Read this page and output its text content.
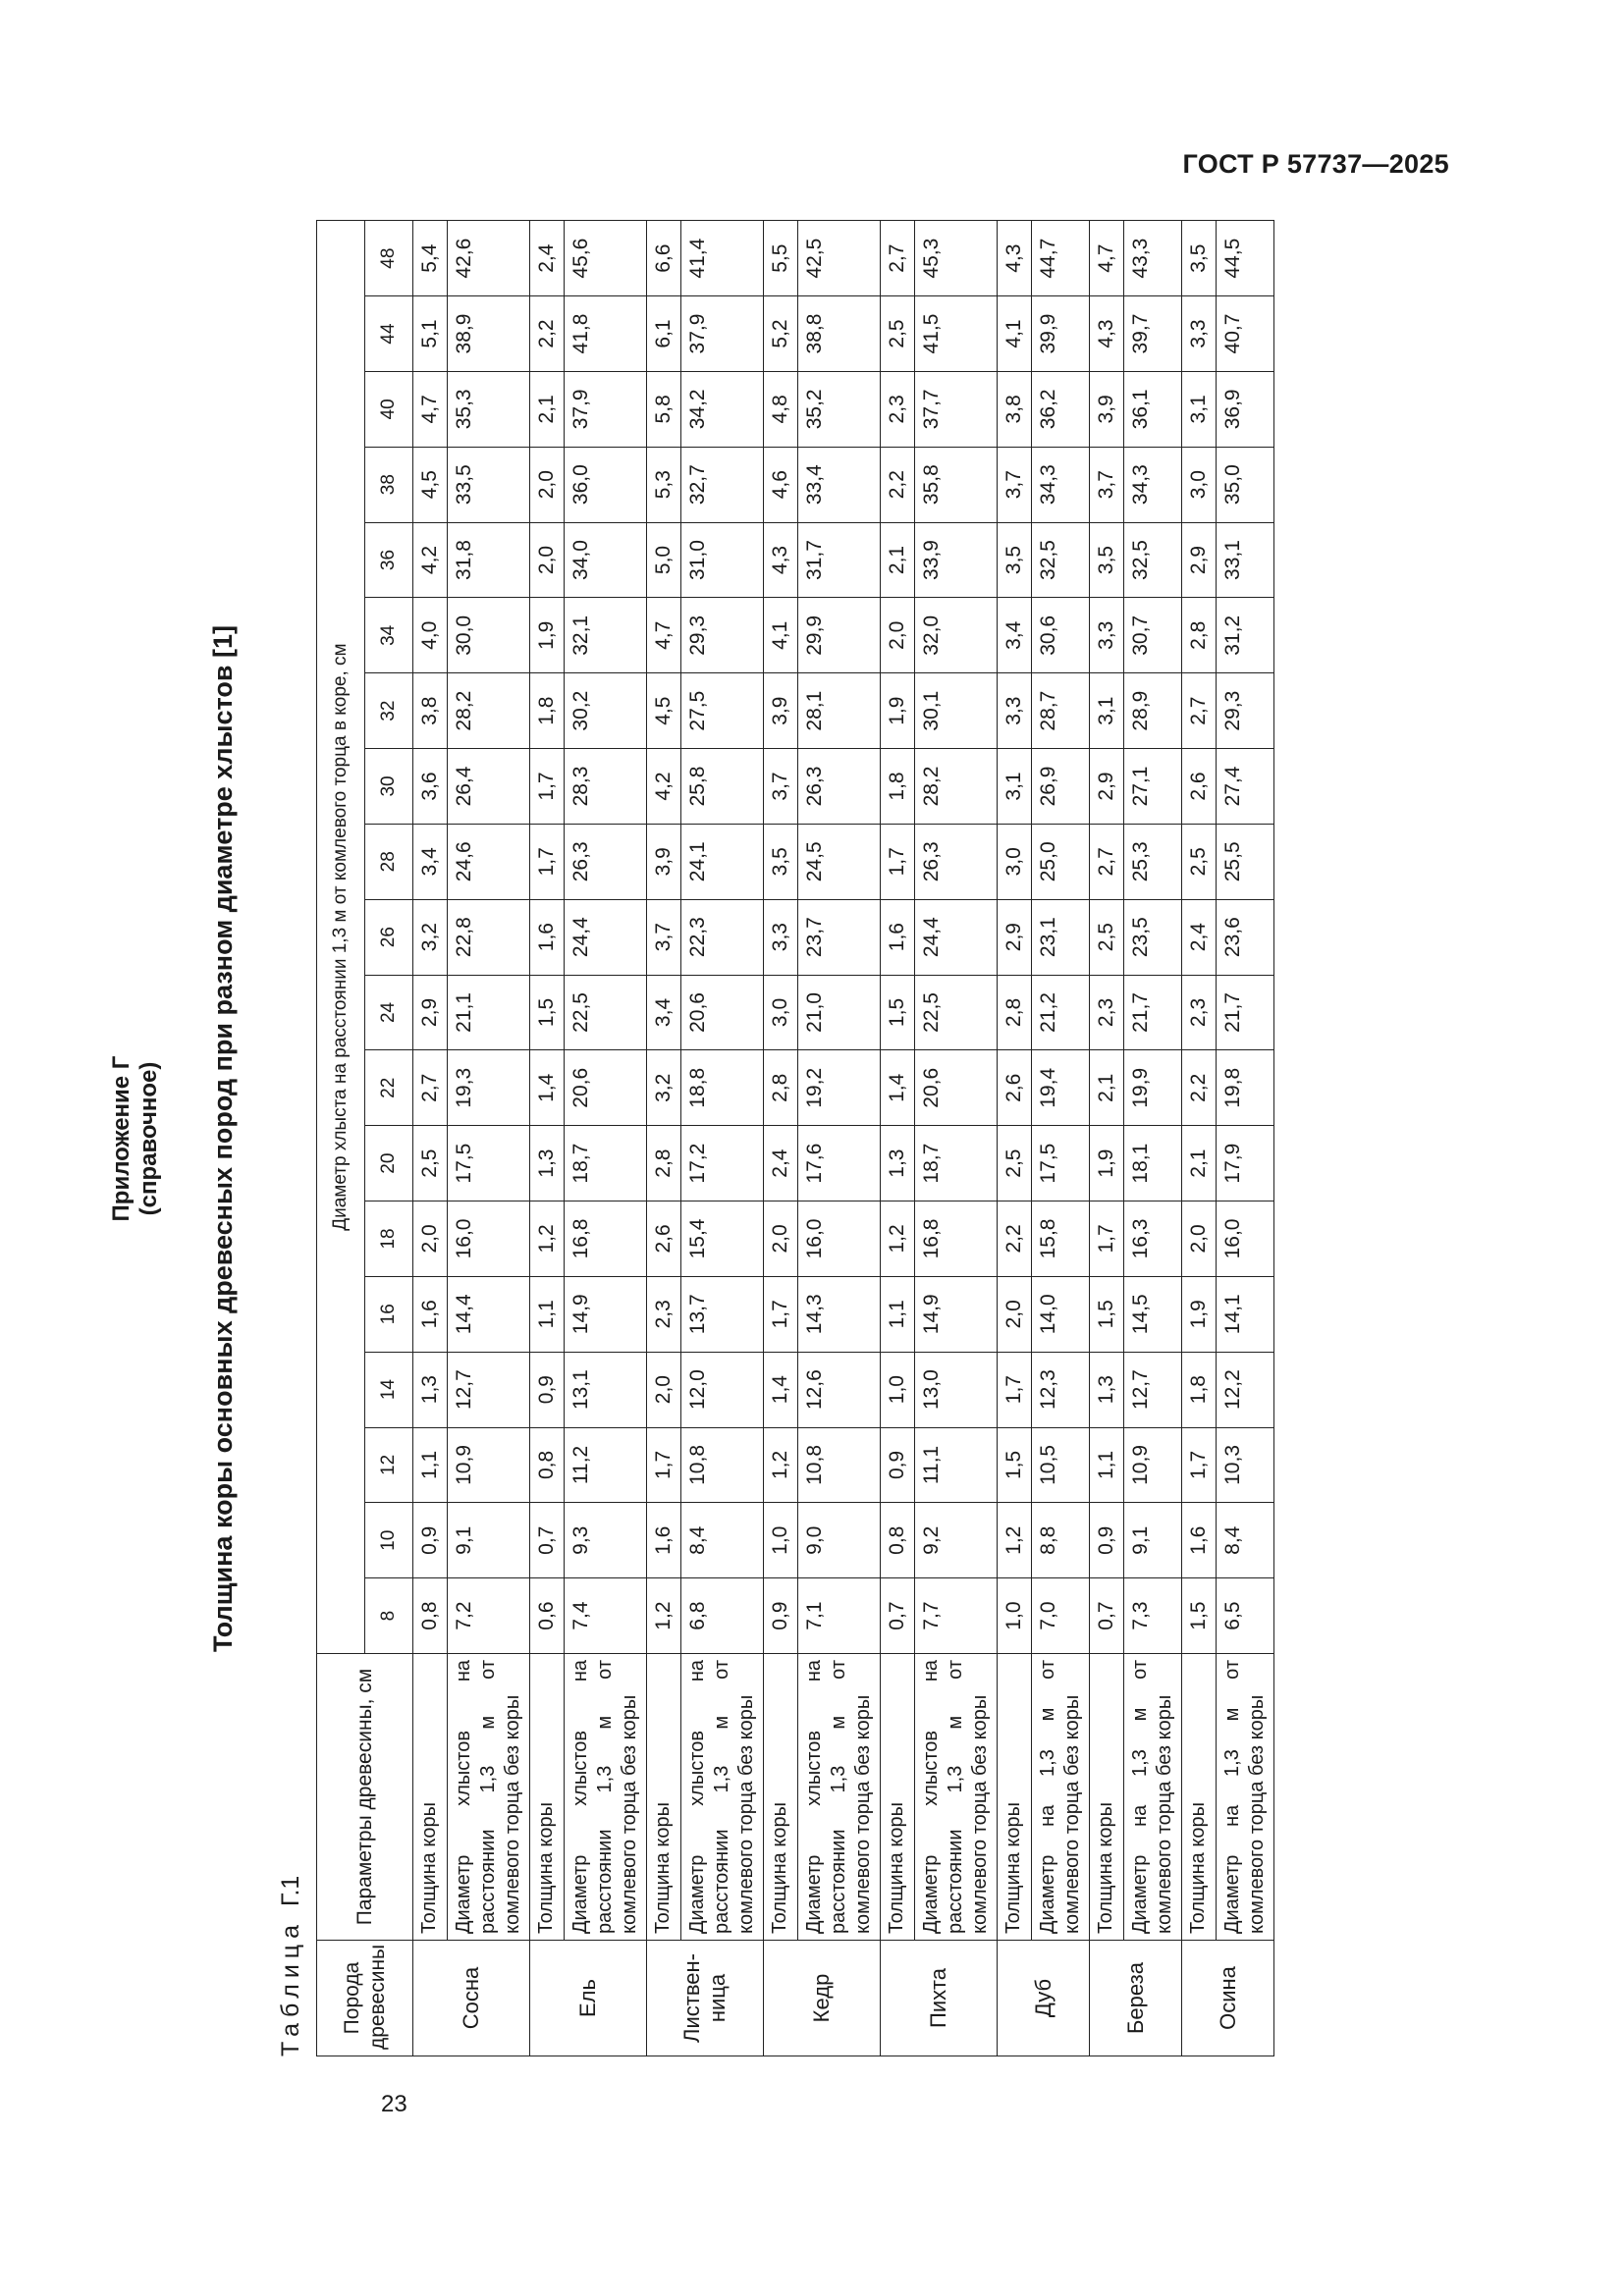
ГОСТ Р 57737—2025
Приложение Г (справочное) Толщина коры основных древесных пород при разном диаметре хлыстов [1]
Таблица Г.1
Порода древесины	Параметры древесины, см	Диаметр хлыста на расстоянии 1,3 м от комлевого торца в коре, см																		
		8	10	12	14	16	18	20	22	24	26	28	30	32	34	36	38	40	44	48
Сосна	Толщина коры	0,8	0,9	1,1	1,3	1,6	2,0	2,5	2,7	2,9	3,2	3,4	3,6	3,8	4,0	4,2	4,5	4,7	5,1	5,4
	Диаметр хлыстов на расстоянии 1,3 м от комлевого торца без коры	7,2	9,1	10,9	12,7	14,4	16,0	17,5	19,3	21,1	22,8	24,6	26,4	28,2	30,0	31,8	33,5	35,3	38,9	42,6
Ель	Толщина коры	0,6	0,7	0,8	0,9	1,1	1,2	1,3	1,4	1,5	1,6	1,7	1,7	1,8	1,9	2,0	2,0	2,1	2,2	2,4
	Диаметр хлыстов на расстоянии 1,3 м от комлевого торца без коры	7,4	9,3	11,2	13,1	14,9	16,8	18,7	20,6	22,5	24,4	26,3	28,3	30,2	32,1	34,0	36,0	37,9	41,8	45,6
Листвен-ница	Толщина коры	1,2	1,6	1,7	2,0	2,3	2,6	2,8	3,2	3,4	3,7	3,9	4,2	4,5	4,7	5,0	5,3	5,8	6,1	6,6
	Диаметр хлыстов на расстоянии 1,3 м от комлевого торца без коры	6,8	8,4	10,8	12,0	13,7	15,4	17,2	18,8	20,6	22,3	24,1	25,8	27,5	29,3	31,0	32,7	34,2	37,9	41,4
Кедр	Толщина коры	0,9	1,0	1,2	1,4	1,7	2,0	2,4	2,8	3,0	3,3	3,5	3,7	3,9	4,1	4,3	4,6	4,8	5,2	5,5
	Диаметр хлыстов на расстоянии 1,3 м от комлевого торца без коры	7,1	9,0	10,8	12,6	14,3	16,0	17,6	19,2	21,0	23,7	24,5	26,3	28,1	29,9	31,7	33,4	35,2	38,8	42,5
Пихта	Толщина коры	0,7	0,8	0,9	1,0	1,1	1,2	1,3	1,4	1,5	1,6	1,7	1,8	1,9	2,0	2,1	2,2	2,3	2,5	2,7
	Диаметр хлыстов на расстоянии 1,3 м от комлевого торца без коры	7,7	9,2	11,1	13,0	14,9	16,8	18,7	20,6	22,5	24,4	26,3	28,2	30,1	32,0	33,9	35,8	37,7	41,5	45,3
Дуб	Толщина коры	1,0	1,2	1,5	1,7	2,0	2,2	2,5	2,6	2,8	2,9	3,0	3,1	3,3	3,4	3,5	3,7	3,8	4,1	4,3
	Диаметр на 1,3 м от комлевого торца без коры	7,0	8,8	10,5	12,3	14,0	15,8	17,5	19,4	21,2	23,1	25,0	26,9	28,7	30,6	32,5	34,3	36,2	39,9	44,7
Береза	Толщина коры	0,7	0,9	1,1	1,3	1,5	1,7	1,9	2,1	2,3	2,5	2,7	2,9	3,1	3,3	3,5	3,7	3,9	4,3	4,7
	Диаметр на 1,3 м от комлевого торца без коры	7,3	9,1	10,9	12,7	14,5	16,3	18,1	19,9	21,7	23,5	25,3	27,1	28,9	30,7	32,5	34,3	36,1	39,7	43,3
Осина	Толщина коры	1,5	1,6	1,7	1,8	1,9	2,0	2,1	2,2	2,3	2,4	2,5	2,6	2,7	2,8	2,9	3,0	3,1	3,3	3,5
	Диаметр на 1,3 м от комлевого торца без коры	6,5	8,4	10,3	12,2	14,1	16,0	17,9	19,8	21,7	23,6	25,5	27,4	29,3	31,2	33,1	35,0	36,9	40,7	44,5
23
